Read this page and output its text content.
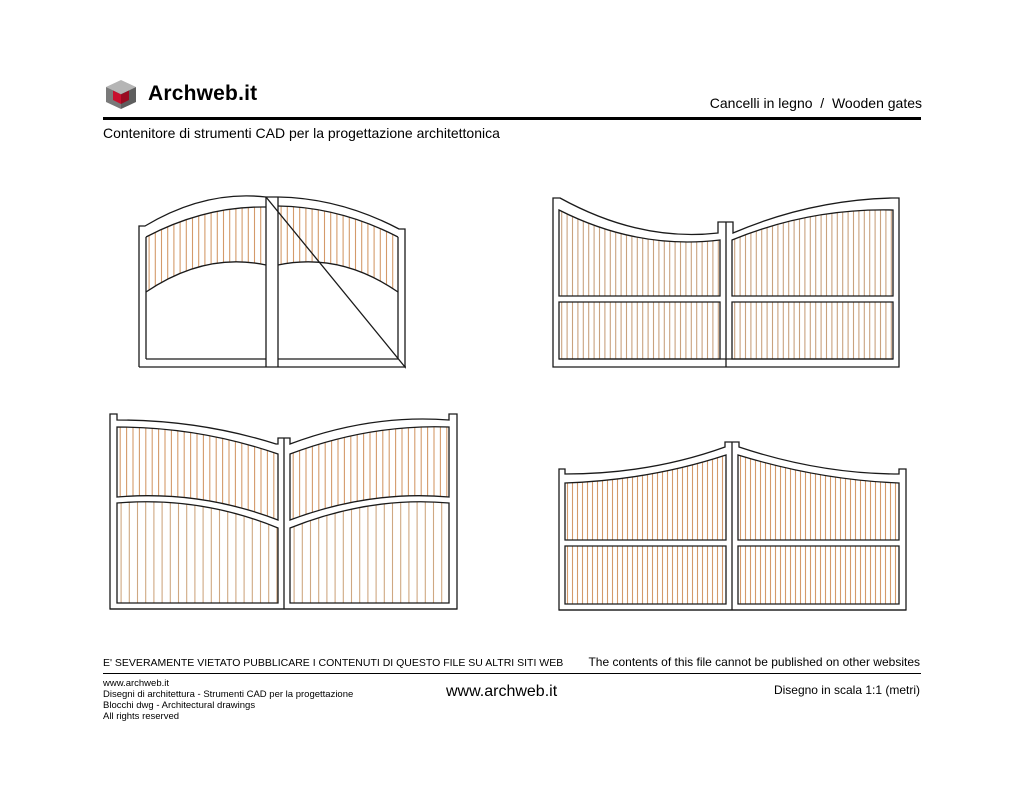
Archweb.it	Cancelli in legno  /  Wooden gates
Contenitore di strumenti CAD per la progettazione architettonica
E' SEVERAMENTE VIETATO PUBBLICARE I CONTENUTI DI QUESTO FILE SU ALTRI SITI WEB The contents of this file cannot be published on other websites
www.archweb.it
Disegni di architettura - Strumenti CAD per la progettazione
Blocchi dwg - Architectural drawings
All rights reserved
www.archweb.it	Disegno in scala 1:1 (metri)
